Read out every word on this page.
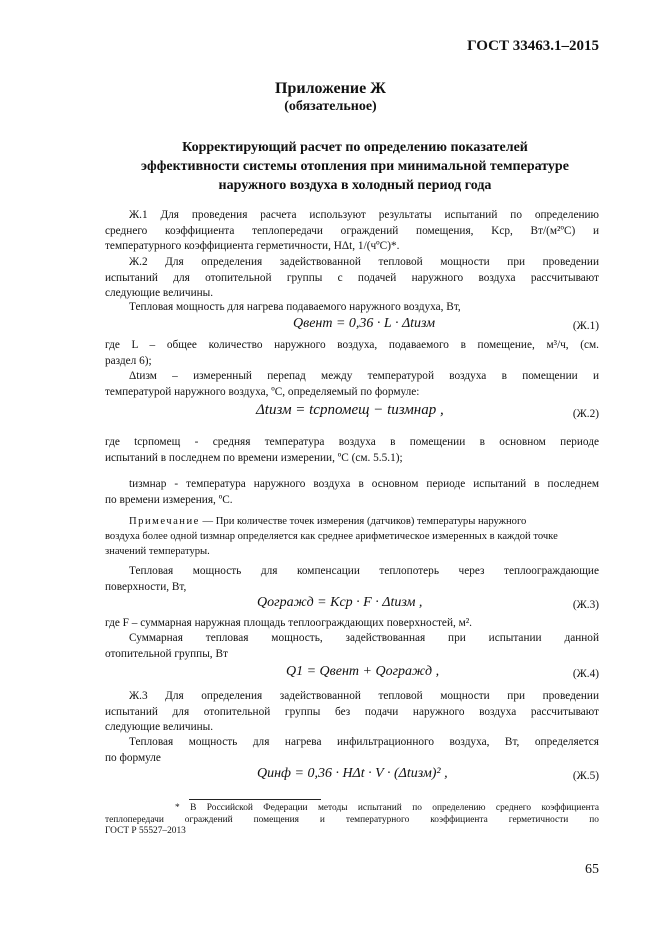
ГОСТ 33463.1–2015
Приложение Ж
(обязательное)
Корректирующий расчет по определению показателей
эффективности системы отопления при минимальной температуре
наружного воздуха в холодный период года
Ж.1 Для проведения расчета используют результаты испытаний по определению
среднего коэффициента теплопередачи ограждений помещения, Kср, Вт/(м²ºС) и
температурного коэффициента герметичности, HΔt, 1/(чºС)*.
Ж.2 Для определения задействованной тепловой мощности при проведении
испытаний для отопительной группы с подачей наружного воздуха рассчитывают
следующие величины.
Тепловая мощность для нагрева подаваемого наружного воздуха, Вт,
Qвент = 0,36 · L · Δtизм	(Ж.1)
где L – общее количество наружного воздуха, подаваемого в помещение, м³/ч, (см.
раздел 6);
Δtизм – измеренный перепад между температурой воздуха в помещении и
температурой наружного воздуха, ºС, определяемый по формуле:
Δtизм = tсрпомещ − tизмнар ,	(Ж.2)
где tсрпомещ - средняя температура воздуха в помещении в основном периоде
испытаний в последнем по времени измерении, ºС (см. 5.5.1);
tизмнар - температура наружного воздуха в основном периоде испытаний в последнем
по времени измерения, ºС.
Примечание — При количестве точек измерения (датчиков) температуры наружного
воздуха более одной tизмнар определяется как среднее арифметическое измеренных в каждой точке
значений температуры.
Тепловая мощность для компенсации теплопотерь через теплоограждающие
поверхности, Вт,
Qогражд = Kср · F · Δtизм ,	(Ж.3)
где F – суммарная наружная площадь теплоограждающих поверхностей, м².
Суммарная тепловая мощность, задействованная при испытании данной
отопительной группы, Вт
Q1 = Qвент + Qогражд ,	(Ж.4)
Ж.3 Для определения задействованной тепловой мощности при проведении
испытаний для отопительной группы без подачи наружного воздуха рассчитывают
следующие величины.
Тепловая мощность для нагрева инфильтрационного воздуха, Вт, определяется
по формуле
Qинф = 0,36 · HΔt · V · (Δtизм)² ,	(Ж.5)
* В Российской Федерации методы испытаний по определению среднего коэффициента
теплопередачи ограждений помещения и температурного коэффициента герметичности по
ГОСТ Р 55527–2013
65
